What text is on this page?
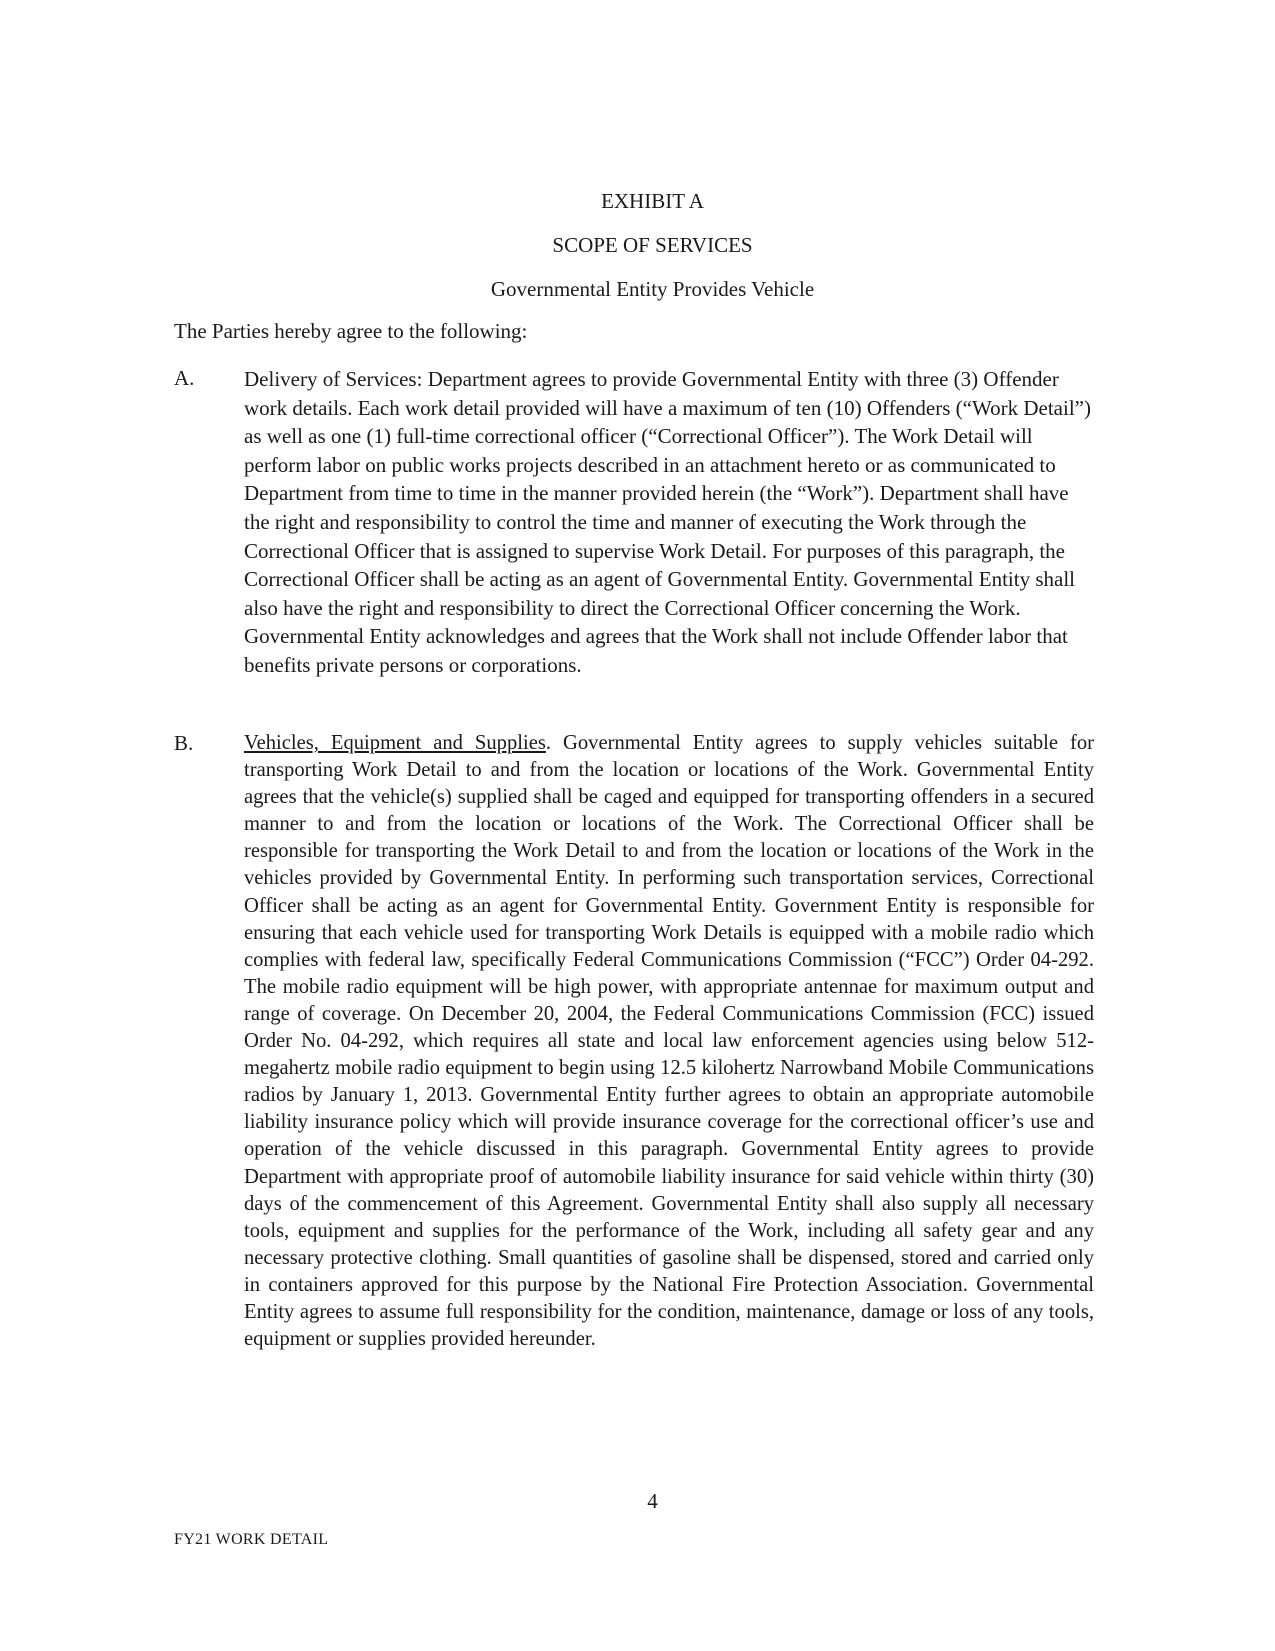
EXHIBIT A
SCOPE OF SERVICES
Governmental Entity Provides Vehicle
The Parties hereby agree to the following:
A.	Delivery of Services: Department agrees to provide Governmental Entity with three (3) Offender work details. Each work detail provided will have a maximum of ten (10) Offenders (“Work Detail”) as well as one (1) full-time correctional officer (“Correctional Officer”). The Work Detail will perform labor on public works projects described in an attachment hereto or as communicated to Department from time to time in the manner provided herein (the “Work”). Department shall have the right and responsibility to control the time and manner of executing the Work through the Correctional Officer that is assigned to supervise Work Detail. For purposes of this paragraph, the Correctional Officer shall be acting as an agent of Governmental Entity. Governmental Entity shall also have the right and responsibility to direct the Correctional Officer concerning the Work. Governmental Entity acknowledges and agrees that the Work shall not include Offender labor that benefits private persons or corporations.
B.	Vehicles, Equipment and Supplies. Governmental Entity agrees to supply vehicles suitable for transporting Work Detail to and from the location or locations of the Work. Governmental Entity agrees that the vehicle(s) supplied shall be caged and equipped for transporting offenders in a secured manner to and from the location or locations of the Work. The Correctional Officer shall be responsible for transporting the Work Detail to and from the location or locations of the Work in the vehicles provided by Governmental Entity. In performing such transportation services, Correctional Officer shall be acting as an agent for Governmental Entity. Government Entity is responsible for ensuring that each vehicle used for transporting Work Details is equipped with a mobile radio which complies with federal law, specifically Federal Communications Commission (“FCC”) Order 04-292. The mobile radio equipment will be high power, with appropriate antennae for maximum output and range of coverage. On December 20, 2004, the Federal Communications Commission (FCC) issued Order No. 04-292, which requires all state and local law enforcement agencies using below 512-megahertz mobile radio equipment to begin using 12.5 kilohertz Narrowband Mobile Communications radios by January 1, 2013. Governmental Entity further agrees to obtain an appropriate automobile liability insurance policy which will provide insurance coverage for the correctional officer’s use and operation of the vehicle discussed in this paragraph. Governmental Entity agrees to provide Department with appropriate proof of automobile liability insurance for said vehicle within thirty (30) days of the commencement of this Agreement. Governmental Entity shall also supply all necessary tools, equipment and supplies for the performance of the Work, including all safety gear and any necessary protective clothing. Small quantities of gasoline shall be dispensed, stored and carried only in containers approved for this purpose by the National Fire Protection Association. Governmental Entity agrees to assume full responsibility for the condition, maintenance, damage or loss of any tools, equipment or supplies provided hereunder.
4
FY21 WORK DETAIL
